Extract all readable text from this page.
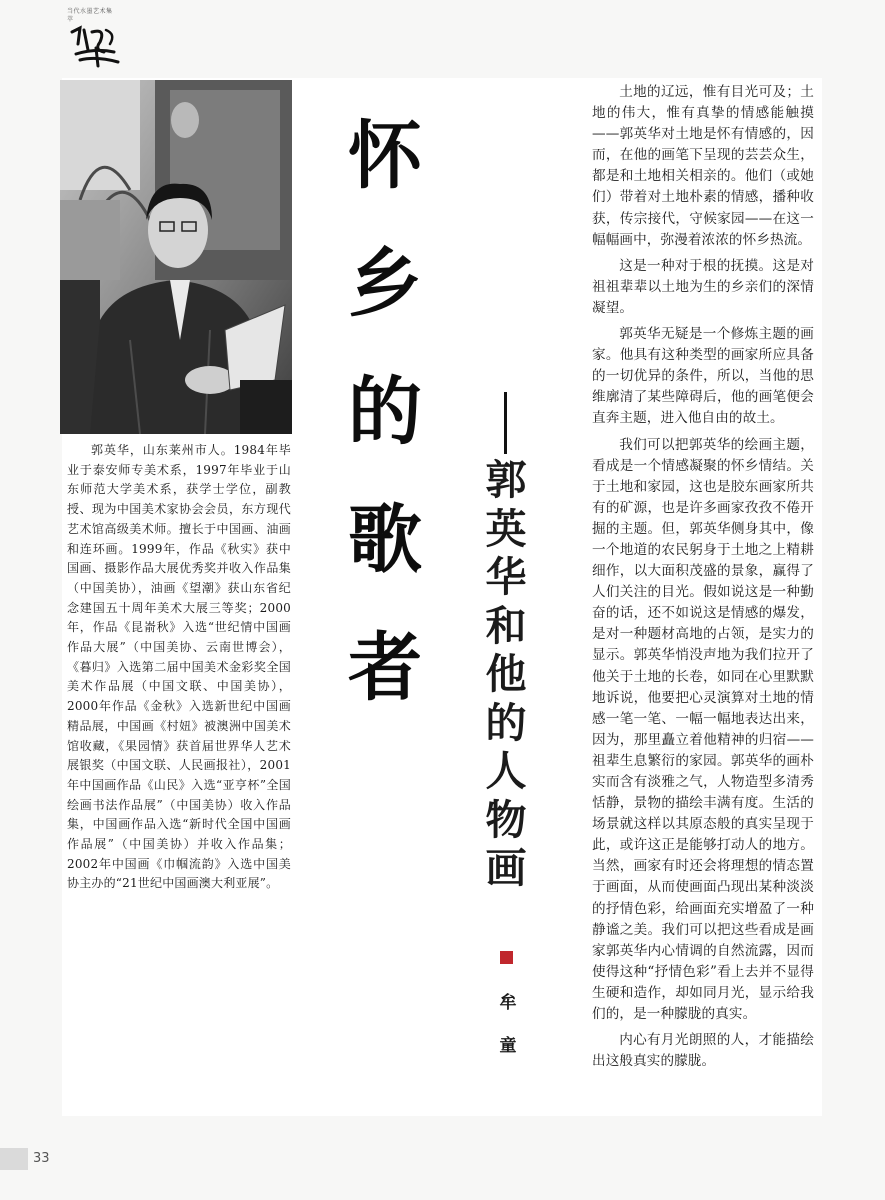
当代水墨艺术集萃

郭英华，山东莱州市人。1984年毕业于泰安师专美术系，1997年毕业于山东师范大学美术系，获学士学位，副教授、现为中国美术家协会会员，东方现代艺术馆高级美术师。擅长于中国画、油画和连环画。1999年，作品《秋实》获中国画、摄影作品大展优秀奖并收入作品集（中国美协），油画《望潮》获山东省纪念建国五十周年美术大展三等奖；2000年，作品《昆嵛秋》入选“世纪情中国画作品大展”（中国美协、云南世博会），《暮归》入选第二届中国美术金彩奖全国美术作品展（中国文联、中国美协），2000年作品《金秋》入选新世纪中国画精品展，中国画《村妞》被澳洲中国美术馆收藏，《果园情》获首届世界华人艺术展银奖（中国文联、人民画报社），2001年中国画作品《山民》入选“亚亨杯”全国绘画书法作品展”（中国美协）收入作品集，中国画作品入选“新时代全国中国画作品展”（中国美协）并收入作品集；2002年中国画《巾帼流韵》入选中国美协主办的“21世纪中国画澳大利亚展”。

怀
乡
的
歌
者
郭
英
华
和
他
的
人
物
画
牟
童

土地的辽远，惟有目光可及；土地的伟大，惟有真挚的情感能触摸——郭英华对土地是怀有情感的，因而，在他的画笔下呈现的芸芸众生，都是和土地相关相亲的。他们（或她们）带着对土地朴素的情感，播种收获，传宗接代，守候家园——在这一幅幅画中，弥漫着浓浓的怀乡热流。

这是一种对于根的抚摸。这是对祖祖辈辈以土地为生的乡亲们的深情凝望。

郭英华无疑是一个修炼主题的画家。他具有这种类型的画家所应具备的一切优异的条件，所以，当他的思维廓清了某些障碍后，他的画笔便会直奔主题，进入他自由的故土。

我们可以把郭英华的绘画主题，看成是一个情感凝聚的怀乡情结。关于土地和家园，这也是胶东画家所共有的矿源，也是许多画家孜孜不倦开掘的主题。但，郭英华侧身其中，像一个地道的农民躬身于土地之上精耕细作，以大面积茂盛的景象，赢得了人们关注的目光。假如说这是一种勤奋的话，还不如说这是情感的爆发，是对一种题材高地的占领，是实力的显示。郭英华悄没声地为我们拉开了他关于土地的长卷，如同在心里默默地诉说，他要把心灵演算对土地的情感一笔一笔、一幅一幅地表达出来，因为，那里矗立着他精神的归宿——祖辈生息繁衍的家园。郭英华的画朴实而含有淡雅之气，人物造型多清秀恬静，景物的描绘丰满有度。生活的场景就这样以其原态般的真实呈现于此，或许这正是能够打动人的地方。当然，画家有时还会将理想的情态置于画面，从而使画面凸现出某种淡淡的抒情色彩，给画面充实增盈了一种静谧之美。我们可以把这些看成是画家郭英华内心情调的自然流露，因而使得这种“抒情色彩”看上去并不显得生硬和造作，却如同月光，显示给我们的，是一种朦胧的真实。

内心有月光朗照的人，才能描绘出这般真实的朦胧。

33
